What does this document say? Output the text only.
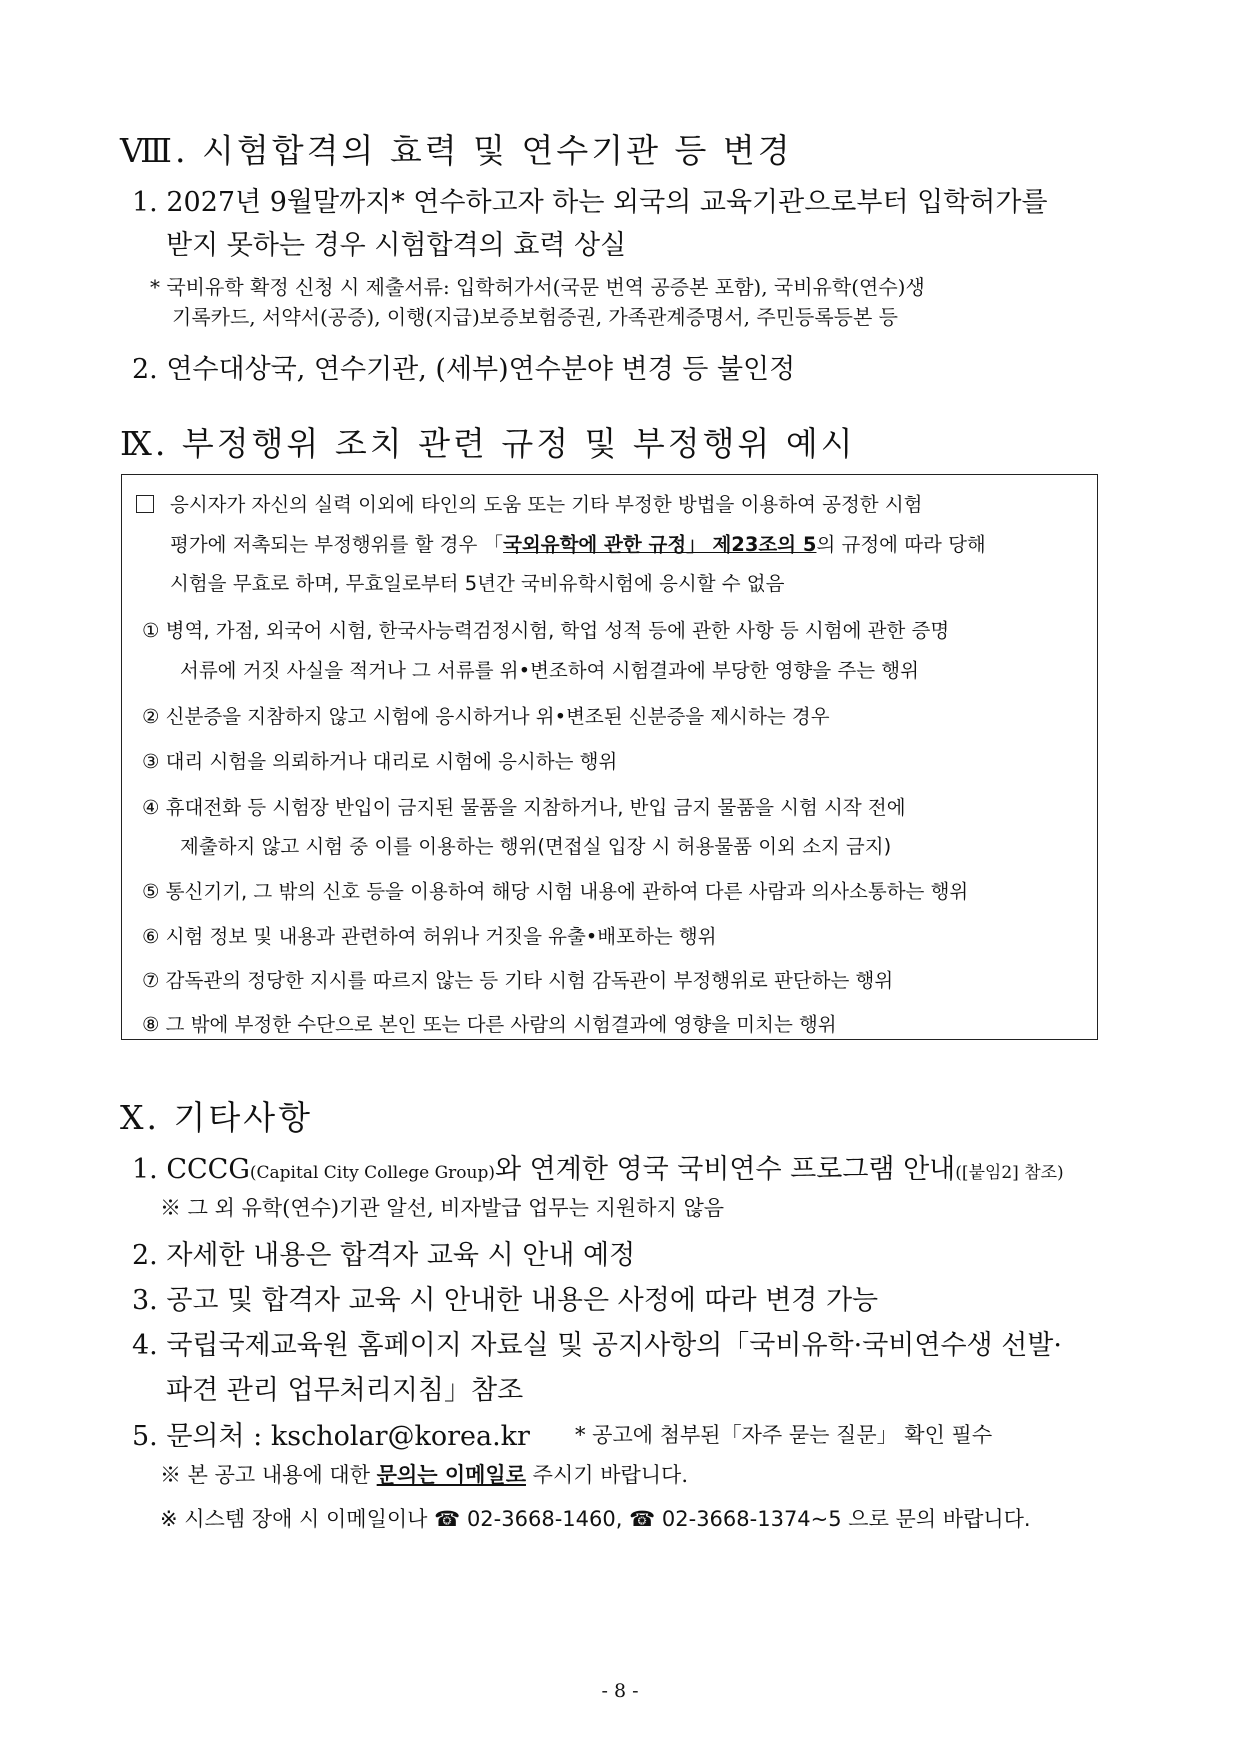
Ⅷ. 시험합격의 효력 및 연수기관 등 변경
1. 2027년 9월말까지* 연수하고자 하는 외국의 교육기관으로부터 입학허가를
받지 못하는 경우 시험합격의 효력 상실
* 국비유학 확정 신청 시 제출서류: 입학허가서(국문 번역 공증본 포함), 국비유학(연수)생
기록카드, 서약서(공증), 이행(지급)보증보험증권, 가족관계증명서, 주민등록등본 등
2. 연수대상국, 연수기관, (세부)연수분야 변경 등 불인정
Ⅸ. 부정행위 조치 관련 규정 및 부정행위 예시
응시자가 자신의 실력 이외에 타인의 도움 또는 기타 부정한 방법을 이용하여 공정한 시험
평가에 저촉되는 부정행위를 할 경우 「국외유학에 관한 규정」 제23조의 5의 규정에 따라 당해
시험을 무효로 하며, 무효일로부터 5년간 국비유학시험에 응시할 수 없음
① 병역, 가점, 외국어 시험, 한국사능력검정시험, 학업 성적 등에 관한 사항 등 시험에 관한 증명
서류에 거짓 사실을 적거나 그 서류를 위•변조하여 시험결과에 부당한 영향을 주는 행위
② 신분증을 지참하지 않고 시험에 응시하거나 위•변조된 신분증을 제시하는 경우
③ 대리 시험을 의뢰하거나 대리로 시험에 응시하는 행위
④ 휴대전화 등 시험장 반입이 금지된 물품을 지참하거나, 반입 금지 물품을 시험 시작 전에
제출하지 않고 시험 중 이를 이용하는 행위(면접실 입장 시 허용물품 이외 소지 금지)
⑤ 통신기기, 그 밖의 신호 등을 이용하여 해당 시험 내용에 관하여 다른 사람과 의사소통하는 행위
⑥ 시험 정보 및 내용과 관련하여 허위나 거짓을 유출•배포하는 행위
⑦ 감독관의 정당한 지시를 따르지 않는 등 기타 시험 감독관이 부정행위로 판단하는 행위
⑧ 그 밖에 부정한 수단으로 본인 또는 다른 사람의 시험결과에 영향을 미치는 행위
Ⅹ. 기타사항
1. CCCG(Capital City College Group)와 연계한 영국 국비연수 프로그램 안내([붙임2] 참조)
※ 그 외 유학(연수)기관 알선, 비자발급 업무는 지원하지 않음
2. 자세한 내용은 합격자 교육 시 안내 예정
3. 공고 및 합격자 교육 시 안내한 내용은 사정에 따라 변경 가능
4. 국립국제교육원 홈페이지 자료실 및 공지사항의「국비유학·국비연수생 선발·
파견 관리 업무처리지침」참조
5. 문의처 : kscholar@korea.kr * 공고에 첨부된「자주 묻는 질문」 확인 필수
※ 본 공고 내용에 대한 문의는 이메일로 주시기 바랍니다.
※ 시스템 장애 시 이메일이나 ☎ 02-3668-1460, ☎ 02-3668-1374~5 으로 문의 바랍니다.
- 8 -
